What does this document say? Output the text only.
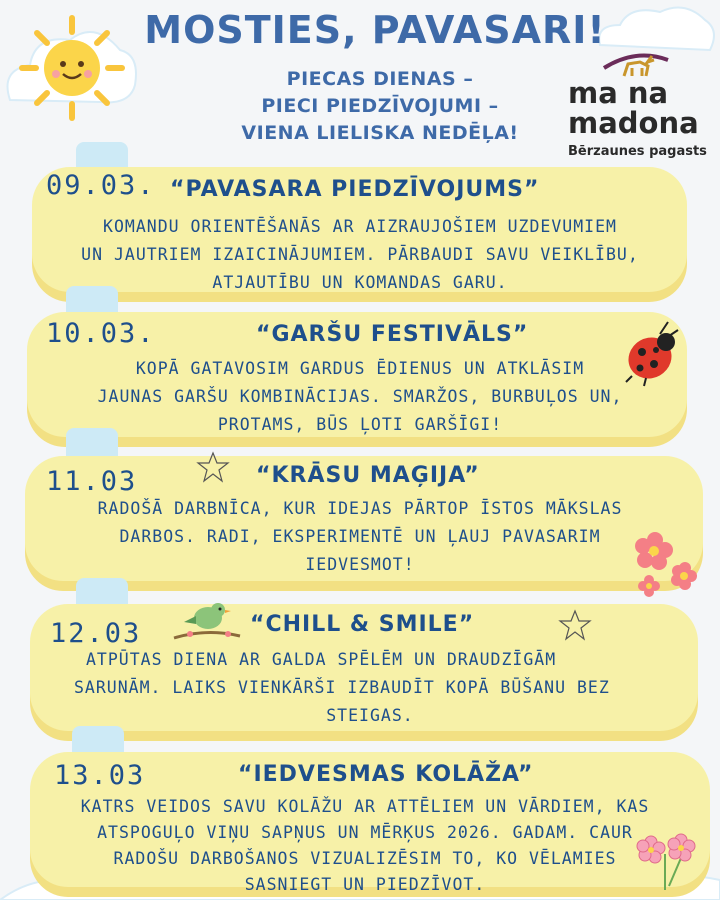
MOSTIES, PAVASARI!
PIECAS DIENAS –
PIECI PIEDZĪVOJUMI –
VIENA LIELISKA NEDĒĻA!
ma na
madona
Bērzaunes pagasts
09.03. “PAVASARA PIEDZĪVOJUMS”
KOMANDU ORIENTĒŠANĀS AR AIZRAUJOŠIEM UZDEVUMIEM
UN JAUTRIEM IZAICINĀJUMIEM. PĀRBAUDI SAVU VEIKLĪBU,
ATJAUTĪBU UN KOMANDAS GARU.
10.03.	“GARŠU FESTIVĀLS”
KOPĀ GATAVOSIM GARDUS ĒDIENUS UN ATKLĀSIM
JAUNAS GARŠU KOMBINĀCIJAS. SMARŽOS, BURBUĻOS UN,
PROTAMS, BŪS ĻOTI GARŠĪGI!
11.03	“KRĀSU MAĢIJA”
RADOŠĀ DARBNĪCA, KUR IDEJAS PĀRTOP ĪSTOS MĀKSLAS
DARBOS. RADI, EKSPERIMENTĒ UN ĻAUJ PAVASARIM
IEDVESMOT!
12.03	“CHILL & SMILE”
ATPŪTAS DIENA AR GALDA SPĒLĒM UN DRAUDZĪGĀM
SARUNĀM. LAIKS VIENKĀRŠI IZBAUDĪT KOPĀ BŪŠANU BEZ
STEIGAS.
13.03	“IEDVESMAS KOLĀŽA”
KATRS VEIDOS SAVU KOLĀŽU AR ATTĒLIEM UN VĀRDIEM, KAS
ATSPOGUĻO VIŅU SAPŅUS UN MĒRĶUS 2026. GADAM. CAUR
RADOŠU DARBOŠANOS VIZUALIZĒSIM TO, KO VĒLAMIES
SASNIEGT UN PIEDZĪVOT.
